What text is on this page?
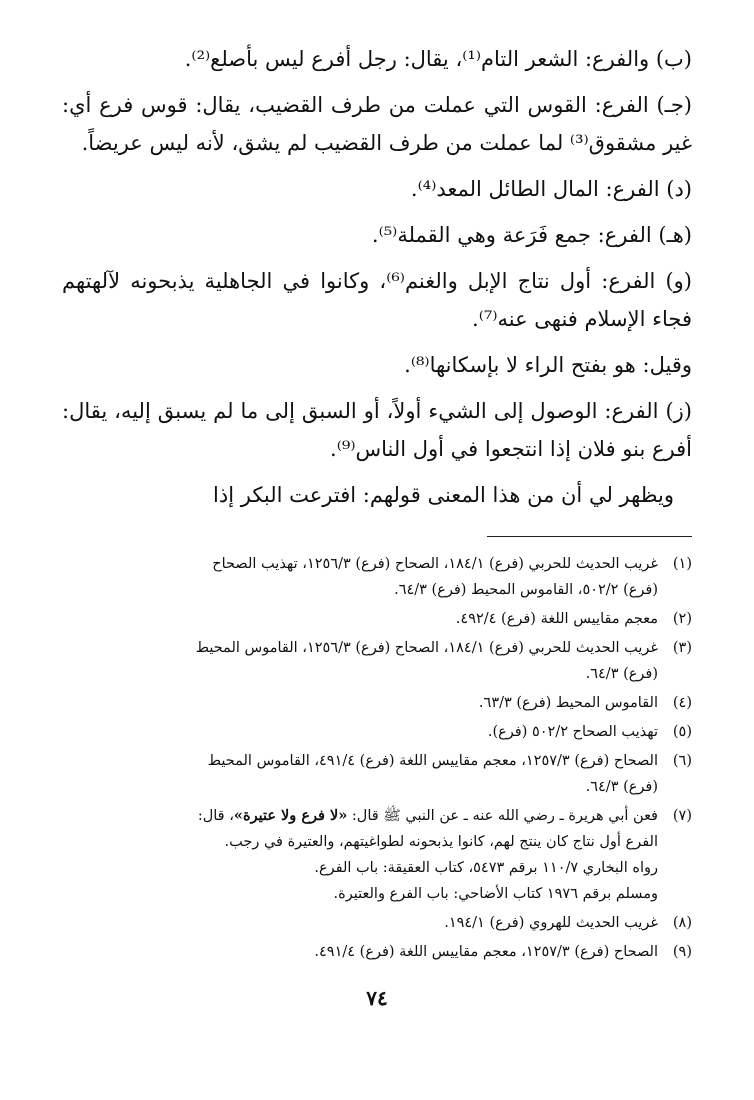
(ب) والفرع: الشعر التام⁽¹⁾، يقال: رجل أفرع ليس بأصلع⁽²⁾.

(جـ) الفرع: القوس التي عملت من طرف القضيب، يقال: قوس فرع أي: غير مشقوق⁽³⁾ لما عملت من طرف القضيب لم يشق، لأنه ليس عريضاً.

(د) الفرع: المال الطائل المعد⁽⁴⁾.

(هـ) الفرع: جمع فَرَعة وهي القملة⁽⁵⁾.

(و) الفرع: أول نتاج الإبل والغنم⁽⁶⁾، وكانوا في الجاهلية يذبحونه لآلهتهم فجاء الإسلام فنهى عنه⁽⁷⁾.

وقيل: هو بفتح الراء لا بإسكانها⁽⁸⁾.

(ز) الفرع: الوصول إلى الشيء أولاً، أو السبق إلى ما لم يسبق إليه، يقال: أفرع بنو فلان إذا انتجعوا في أول الناس⁽⁹⁾.

ويظهر لي أن من هذا المعنى قولهم: افترعت البكر إذا

(١)
غريب الحديث للحربي (فرع) ١٨٤/١، الصحاح (فرع) ١٢٥٦/٣، تهذيب الصحاح
(فرع) ٥٠٢/٢، القاموس المحيط (فرع) ٦٤/٣.
(٢)
معجم مقاييس اللغة (فرع) ٤٩٢/٤.
(٣)
غريب الحديث للحربي (فرع) ١٨٤/١، الصحاح (فرع) ١٢٥٦/٣، القاموس المحيط
(فرع) ٦٤/٣.
(٤)
القاموس المحيط (فرع) ٦٣/٣.
(٥)
تهذيب الصحاح ٥٠٢/٢ (فرع).
(٦)
الصحاح (فرع) ١٢٥٧/٣، معجم مقاييس اللغة (فرع) ٤٩١/٤، القاموس المحيط
(فرع) ٦٤/٣.
(٧)
فعن أبي هريرة ـ رضي الله عنه ـ عن النبي ﷺ قال: «لا فرع ولا عتيرة»، قال:
الفرع أول نتاج كان ينتج لهم، كانوا يذبحونه لطواغيتهم، والعتيرة في رجب.
رواه البخاري ١١٠/٧ برقم ٥٤٧٣، كتاب العقيقة: باب الفرع.
ومسلم برقم ١٩٧٦ كتاب الأضاحي: باب الفرع والعتيرة.
(٨)
غريب الحديث للهروي (فرع) ١٩٤/١.
(٩)
الصحاح (فرع) ١٢٥٧/٣، معجم مقاييس اللغة (فرع) ٤٩١/٤.
٧٤
